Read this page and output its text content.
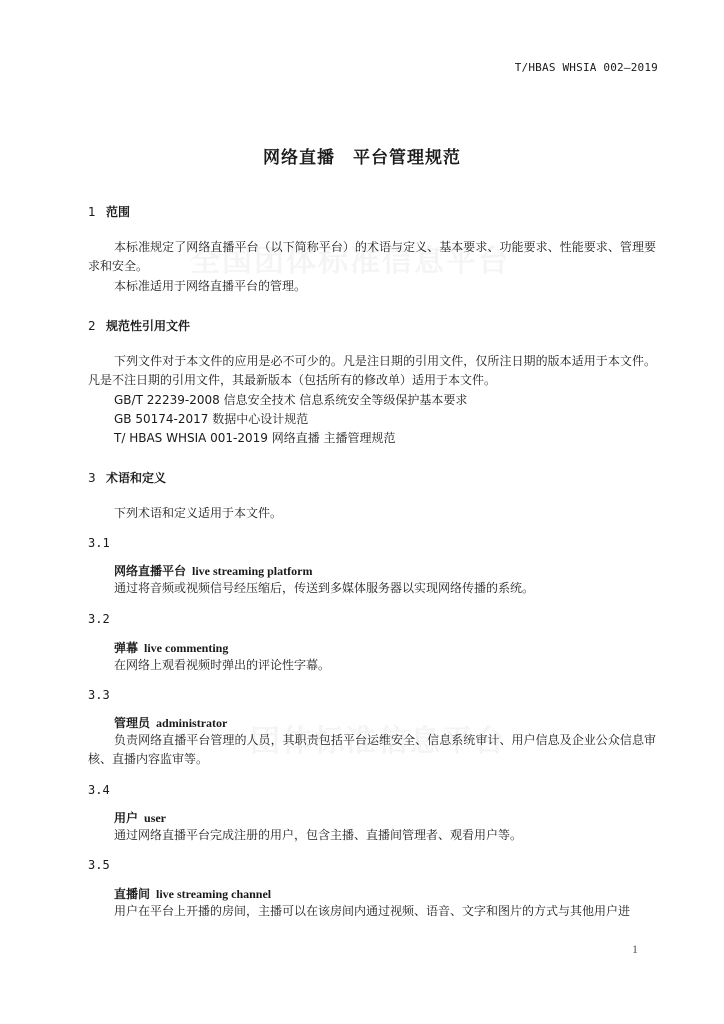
T/HBAS WHSIA 002—2019
网络直播　平台管理规范
1 范围
本标准规定了网络直播平台（以下简称平台）的术语与定义、基本要求、功能要求、性能要求、管理要求和安全。
本标准适用于网络直播平台的管理。
2 规范性引用文件
下列文件对于本文件的应用是必不可少的。凡是注日期的引用文件，仅所注日期的版本适用于本文件。凡是不注日期的引用文件，其最新版本（包括所有的修改单）适用于本文件。
GB/T 22239-2008 信息安全技术 信息系统安全等级保护基本要求
GB 50174-2017 数据中心设计规范
T/ HBAS WHSIA 001-2019 网络直播 主播管理规范
3 术语和定义
下列术语和定义适用于本文件。
3.1
网络直播平台 live streaming platform
通过将音频或视频信号经压缩后，传送到多媒体服务器以实现网络传播的系统。
3.2
弹幕 live commenting
在网络上观看视频时弹出的评论性字幕。
3.3
管理员 administrator
负责网络直播平台管理的人员，其职责包括平台运维安全、信息系统审计、用户信息及企业公众信息审核、直播内容监审等。
3.4
用户 user
通过网络直播平台完成注册的用户，包含主播、直播间管理者、观看用户等。
3.5
直播间 live streaming channel
用户在平台上开播的房间，主播可以在该房间内通过视频、语音、文字和图片的方式与其他用户进
1
